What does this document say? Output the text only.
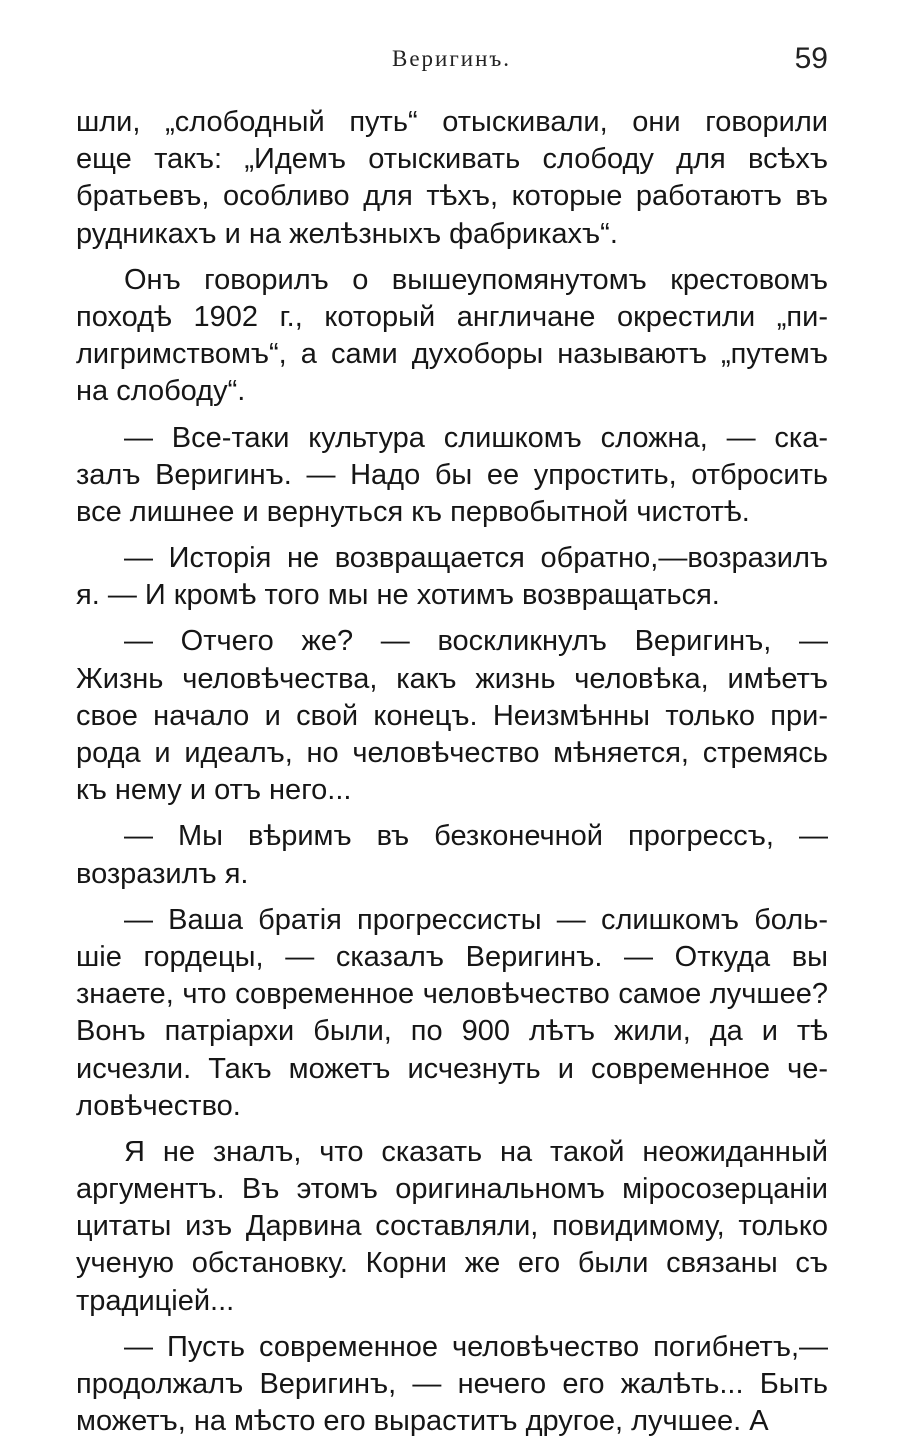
Веригинъ.	59
шли, „слободный путь“ отыскивали, они говорили
еще такъ: „Идемъ отыскивать слободу для всѣхъ
братьевъ, особливо для тѣхъ, которые работаютъ въ
рудникахъ и на желѣзныхъ фабрикахъ“.
Онъ говорилъ о вышеупомянутомъ крестовомъ
походѣ 1902 г., который англичане окрестили „пи-
лигримствомъ“, а сами духоборы называютъ „путемъ
на слободу“.
— Все-таки культура слишкомъ сложна, — ска-
залъ Веригинъ. — Надо бы ее упростить, отбросить
все лишнее и вернуться къ первобытной чистотѣ.
— Исторія не возвращается обратно,—возразилъ
я. — И кромѣ того мы не хотимъ возвращаться.
— Отчего же? — воскликнулъ Веригинъ, —
Жизнь человѣчества, какъ жизнь человѣка, имѣетъ
свое начало и свой конецъ. Неизмѣнны только при-
рода и идеалъ, но человѣчество мѣняется, стремясь
къ нему и отъ него...
— Мы вѣримъ въ безконечной прогрессъ, —
возразилъ я.
— Ваша братія прогрессисты — слишкомъ боль-
шіе гордецы, — сказалъ Веригинъ. — Откуда вы
знаете, что современное человѣчество самое лучшее?
Вонъ патріархи были, по 900 лѣтъ жили, да и тѣ
исчезли. Такъ можетъ исчезнуть и современное че-
ловѣчество.
Я не зналъ, что сказать на такой неожиданный
аргументъ. Въ этомъ оригинальномъ міросозерцаніи
цитаты изъ Дарвина составляли, повидимому, только
ученую обстановку. Корни же его были связаны съ
традиціей...
— Пусть современное человѣчество погибнетъ,—
продолжалъ Веригинъ, — нечего его жалѣть... Быть
можетъ, на мѣсто его выраститъ другое, лучшее. А
